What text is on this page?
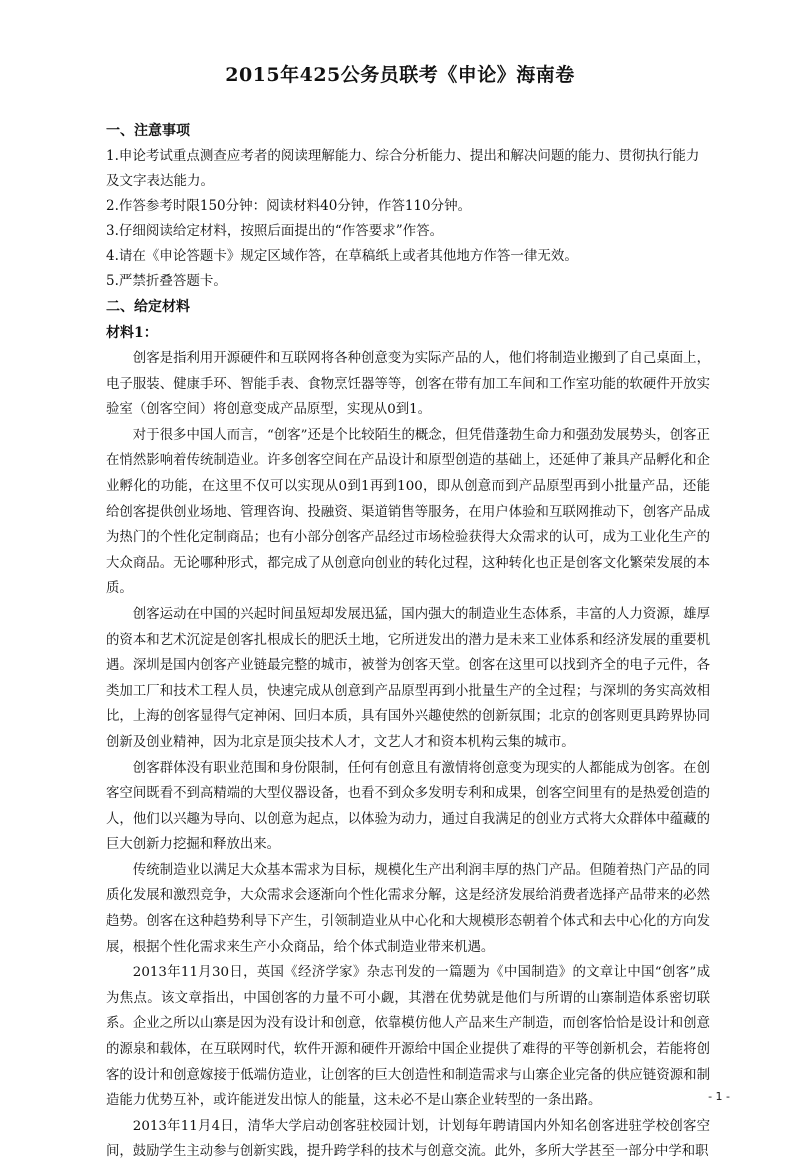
2015年425公务员联考《申论》海南卷

一、注意事项

1.申论考试重点测查应考者的阅读理解能力、综合分析能力、提出和解决问题的能力、贯彻执行能力及文字表达能力。

2.作答参考时限150分钟：阅读材料40分钟，作答110分钟。

3.仔细阅读给定材料，按照后面提出的“作答要求”作答。

4.请在《申论答题卡》规定区域作答，在草稿纸上或者其他地方作答一律无效。

5.严禁折叠答题卡。

二、给定材料

材料1：

创客是指利用开源硬件和互联网将各种创意变为实际产品的人，他们将制造业搬到了自己桌面上，电子服装、健康手环、智能手表、食物烹饪器等等，创客在带有加工车间和工作室功能的软硬件开放实验室（创客空间）将创意变成产品原型，实现从0到1。

对于很多中国人而言，“创客”还是个比较陌生的概念，但凭借蓬勃生命力和强劲发展势头，创客正在悄然影响着传统制造业。许多创客空间在产品设计和原型创造的基础上，还延伸了兼具产品孵化和企业孵化的功能，在这里不仅可以实现从0到1再到100，即从创意而到产品原型再到小批量产品，还能给创客提供创业场地、管理咨询、投融资、渠道销售等服务，在用户体验和互联网推动下，创客产品成为热门的个性化定制商品；也有小部分创客产品经过市场检验获得大众需求的认可，成为工业化生产的大众商品。无论哪种形式，都完成了从创意向创业的转化过程，这种转化也正是创客文化繁荣发展的本质。

创客运动在中国的兴起时间虽短却发展迅猛，国内强大的制造业生态体系，丰富的人力资源，雄厚的资本和艺术沉淀是创客扎根成长的肥沃土地，它所迸发出的潜力是未来工业体系和经济发展的重要机遇。深圳是国内创客产业链最完整的城市，被誉为创客天堂。创客在这里可以找到齐全的电子元件，各类加工厂和技术工程人员，快速完成从创意到产品原型再到小批量生产的全过程；与深圳的务实高效相比，上海的创客显得气定神闲、回归本质，具有国外兴趣使然的创新氛围；北京的创客则更具跨界协同创新及创业精神，因为北京是顶尖技术人才，文艺人才和资本机构云集的城市。

创客群体没有职业范围和身份限制，任何有创意且有激情将创意变为现实的人都能成为创客。在创客空间既看不到高精端的大型仪器设备，也看不到众多发明专利和成果，创客空间里有的是热爱创造的人，他们以兴趣为导向、以创意为起点，以体验为动力，通过自我满足的创业方式将大众群体中蕴藏的巨大创新力挖掘和释放出来。

传统制造业以满足大众基本需求为目标，规模化生产出利润丰厚的热门产品。但随着热门产品的同质化发展和激烈竞争，大众需求会逐渐向个性化需求分解，这是经济发展给消费者选择产品带来的必然趋势。创客在这种趋势利导下产生，引领制造业从中心化和大规模形态朝着个体式和去中心化的方向发展，根据个性化需求来生产小众商品，给个体式制造业带来机遇。

2013年11月30日，英国《经济学家》杂志刊发的一篇题为《中国制造》的文章让中国“创客”成为焦点。该文章指出，中国创客的力量不可小觑，其潜在优势就是他们与所谓的山寨制造体系密切联系。企业之所以山寨是因为没有设计和创意，依靠模仿他人产品来生产制造，而创客恰恰是设计和创意的源泉和载体，在互联网时代，软件开源和硬件开源给中国企业提供了难得的平等创新机会，若能将创客的设计和创意嫁接于低端仿造业，让创客的巨大创造性和制造需求与山寨企业完备的供应链资源和制造能力优势互补，或许能迸发出惊人的能量，这未必不是山寨企业转型的一条出路。

2013年11月4日，清华大学启动创客驻校园计划，计划每年聘请国内外知名创客进驻学校创客空间，鼓励学生主动参与创新实践，提升跨学科的技术与创意交流。此外，多所大学甚至一部分中学和职

- 1 -
